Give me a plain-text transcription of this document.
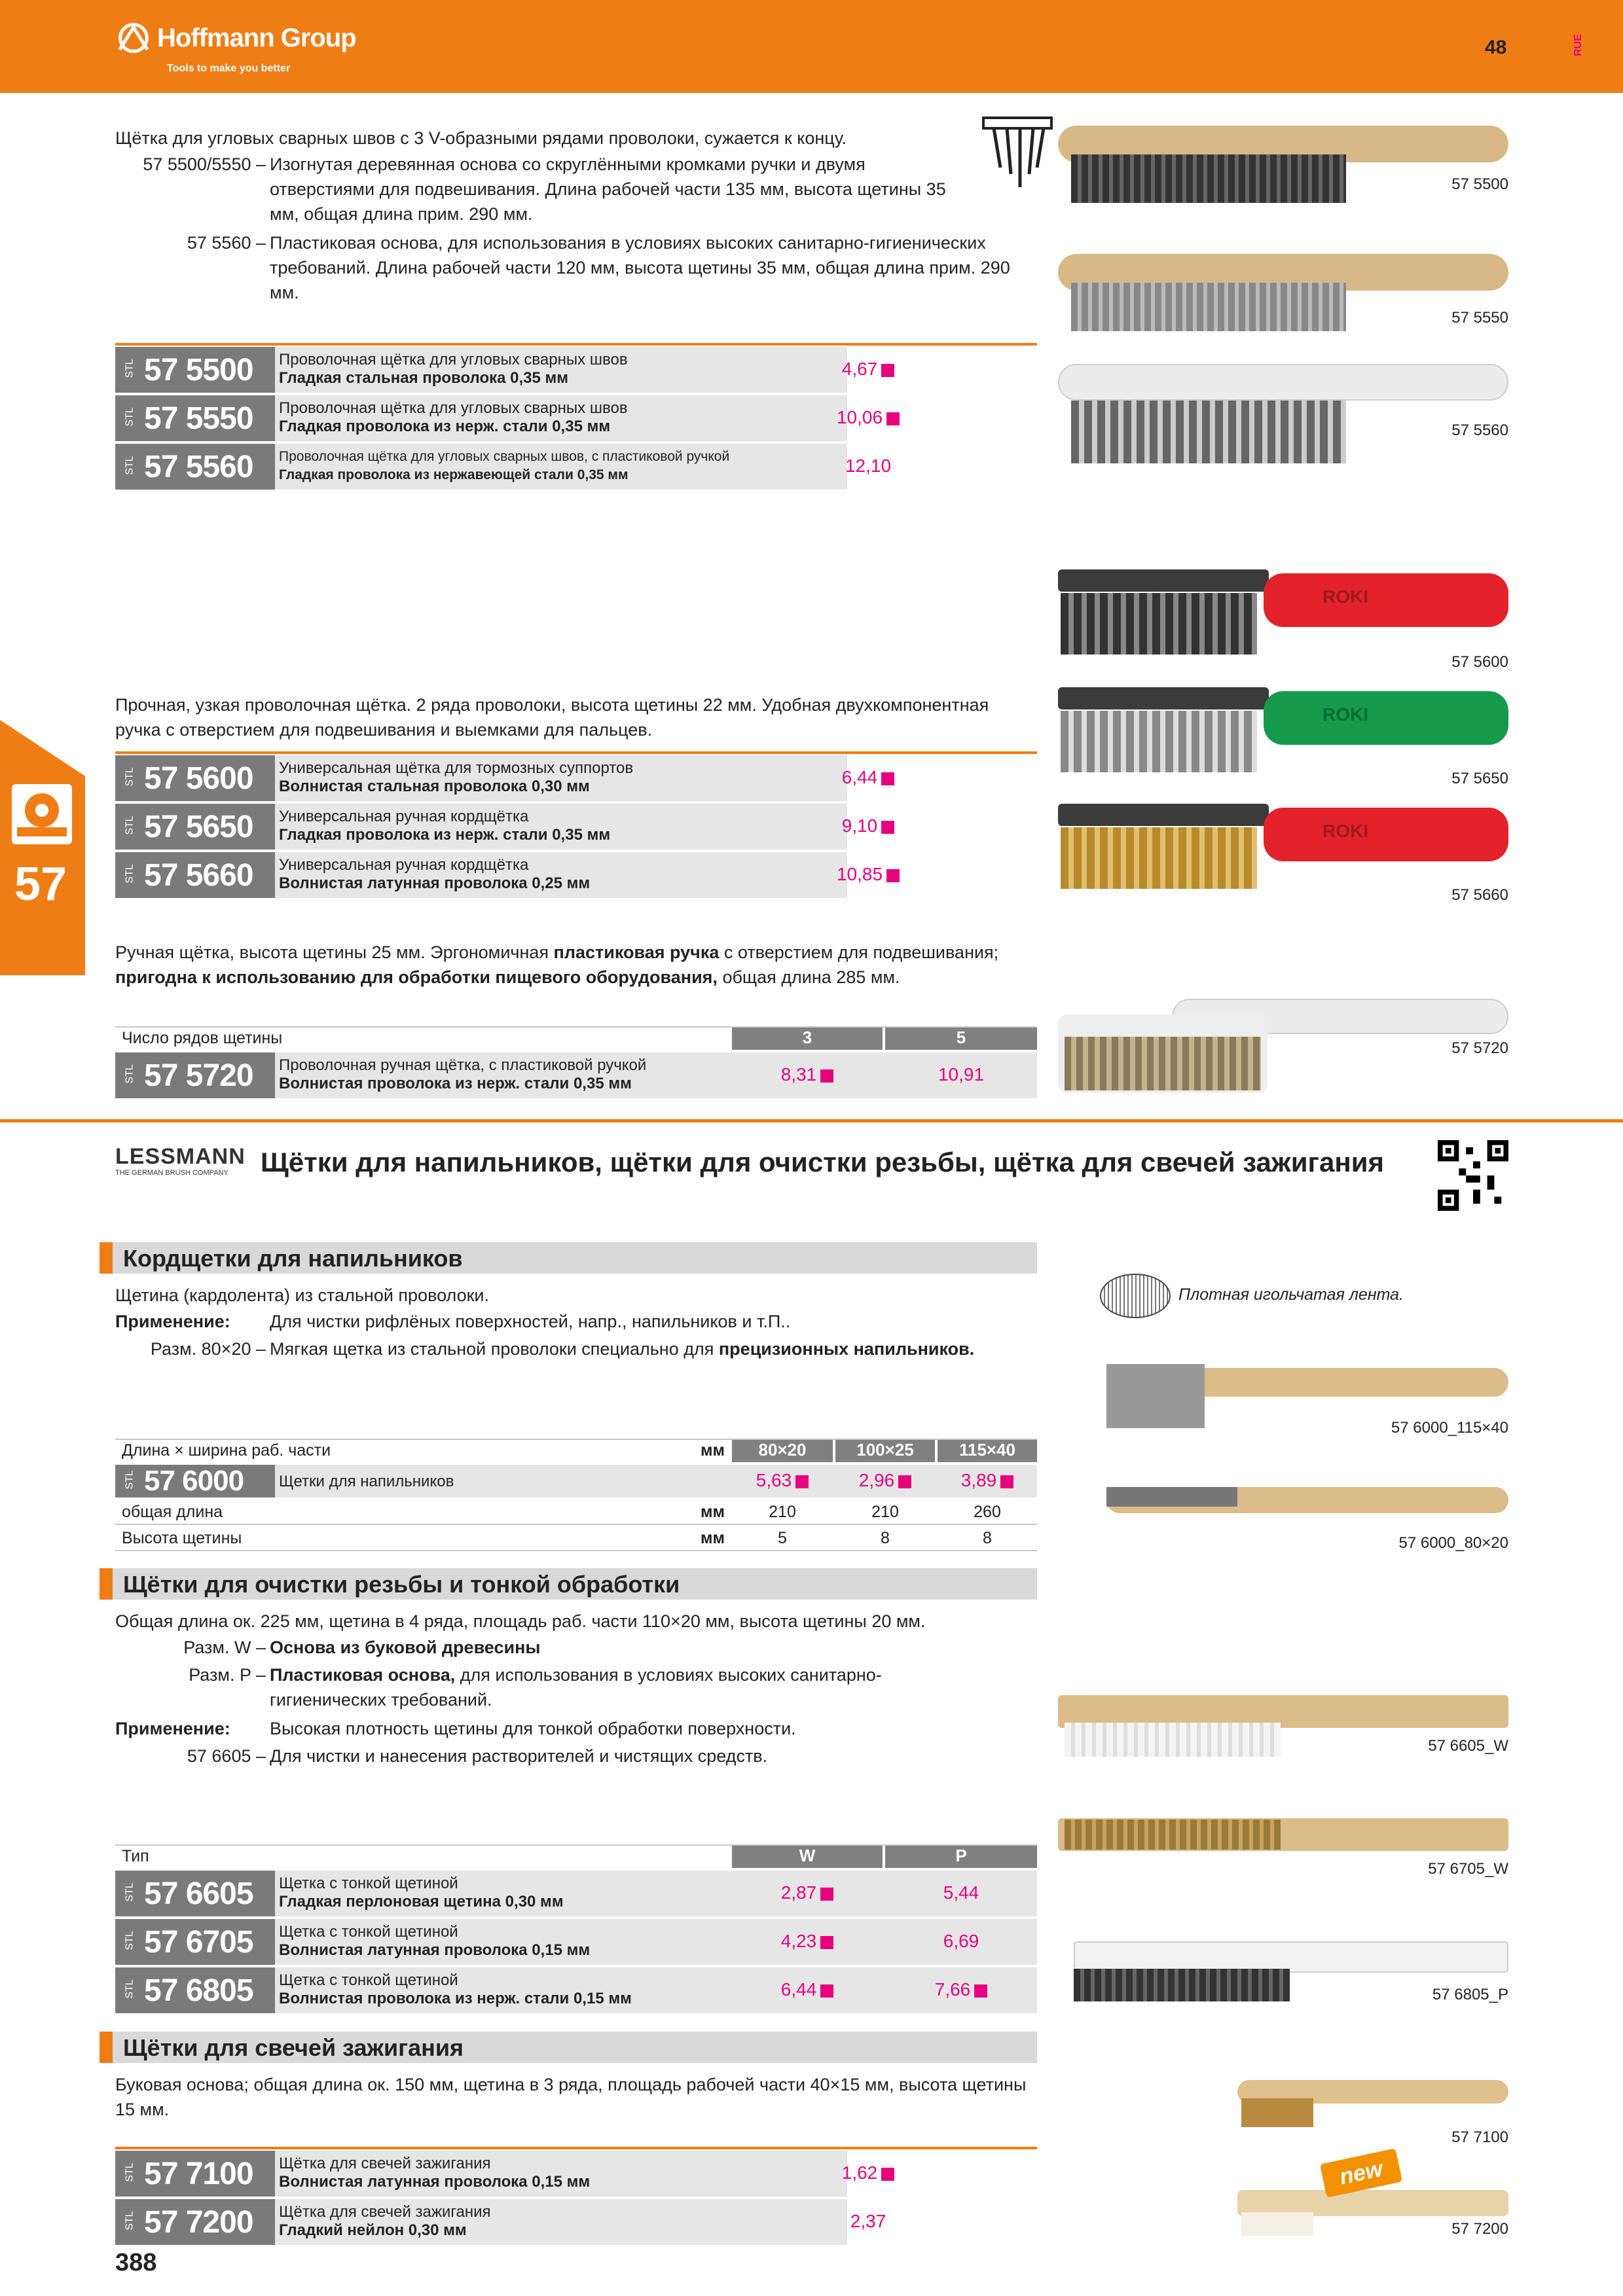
Hoffmann Group
Tools to make you better
48	RUE
57
Щётка для угловых сварных швов с 3 V-образными рядами проволоки, сужается к концу.
57 5500/5550 – Изогнутая деревянная основа со скруглёнными кромками ручки и двумя отверстиями для подвешивания. Длина рабочей части 135 мм, высота щетины 35 мм, общая длина прим. 290 мм.
57 5560 – Пластиковая основа, для использования в условиях высоких санитарно-гигиенических требований. Длина рабочей части 120 мм, высота щетины 35 мм, общая длина прим. 290 мм.
STL 57 5500 Проволочная щётка для угловых сварных швов
Гладкая стальная проволока 0,35 мм	4,67
STL 57 5550 Проволочная щётка для угловых сварных швов
Гладкая проволока из нерж. стали 0,35 мм	10,06
STL 57 5560 Проволочная щётка для угловых сварных швов, с пластиковой ручкой
Гладкая проволока из нержавеющей стали 0,35 мм	12,10
57 5500
57 5550
57 5560
ROKI
57 5600
ROKI
57 5650
ROKI
57 5660
Прочная, узкая проволочная щётка. 2 ряда проволоки, высота щетины 22 мм. Удобная двухкомпонентная ручка с отверстием для подвешивания и выемками для пальцев.
STL 57 5600 Универсальная щётка для тормозных суппортов
Волнистая стальная проволока 0,30 мм	6,44
STL 57 5650 Универсальная ручная кордщётка
Гладкая проволока из нерж. стали 0,35 мм	9,10
STL 57 5660 Универсальная ручная кордщётка
Волнистая латунная проволока 0,25 мм	10,85
Ручная щётка, высота щетины 25 мм. Эргономичная пластиковая ручка с отверстием для подвешивания; пригодна к использованию для обработки пищевого оборудования, общая длина 285 мм.
Число рядов щетины	3	5
STL 57 5720 Проволочная ручная щётка, с пластиковой ручкой
Волнистая проволока из нерж. стали 0,35 мм	8,31	10,91
57 5720
LESSMANN
THE GERMAN BRUSH COMPANY Щётки для напильников, щётки для очистки резьбы, щётка для свечей зажигания
Кордщетки для напильников
Щетина (кардолента) из стальной проволоки.
Применение: Для чистки рифлёных поверхностей, напр., напильников и т.П..
Разм. 80×20 – Мягкая щетка из стальной проволоки специально для прецизионных напильников.
Плотная игольчатая лента.
Длина × ширина раб. части	мм	80×20	100×25	115×40
STL 57 6000 Щетки для напильников	5,63	2,96	3,89
общая длина	мм	210	210	260
Высота щетины	мм	5	8	8
57 6000_115×40
57 6000_80×20
Щётки для очистки резьбы и тонкой обработки
Общая длина ок. 225 мм, щетина в 4 ряда, площадь раб. части 110×20 мм, высота щетины 20 мм.
Разм. W – Основа из буковой древесины
Разм. P – Пластиковая основа, для использования в условиях высоких санитарно-гигиенических требований.
Применение: Высокая плотность щетины для тонкой обработки поверхности.
57 6605 – Для чистки и нанесения растворителей и чистящих средств.
Тип	W	P
STL 57 6605 Щетка с тонкой щетиной
Гладкая перлоновая щетина 0,30 мм	2,87	5,44
STL 57 6705 Щетка с тонкой щетиной
Волнистая латунная проволока 0,15 мм	4,23	6,69
STL 57 6805 Щетка с тонкой щетиной
Волнистая проволока из нерж. стали 0,15 мм	6,44	7,66
57 6605_W
57 6705_W
57 6805_P
Щётки для свечей зажигания
Буковая основа; общая длина ок. 150 мм, щетина в 3 ряда, площадь рабочей части 40×15 мм, высота щетины 15 мм.
STL 57 7100 Щётка для свечей зажигания
Волнистая латунная проволока 0,15 мм	1,62
STL 57 7200 Щётка для свечей зажигания
Гладкий нейлон 0,30 мм	2,37
57 7100
new
57 7200
388
